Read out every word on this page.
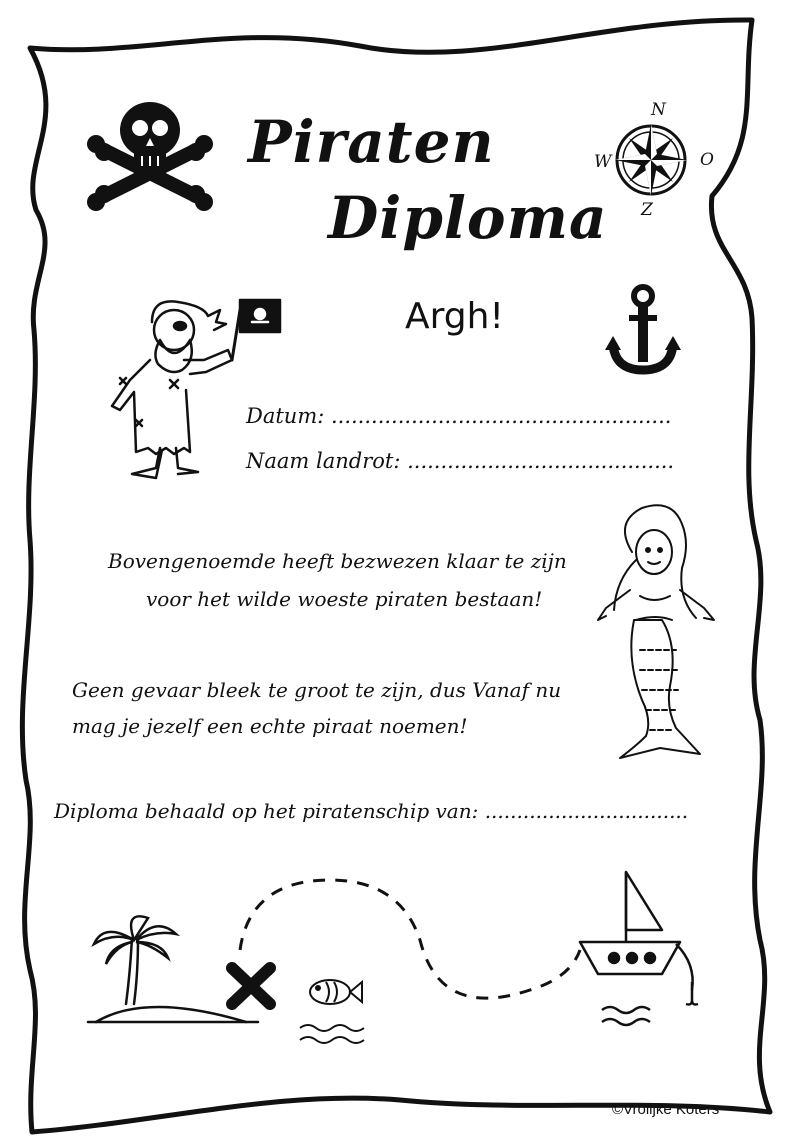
Piraten
Diploma
Argh!
N
W	O
Z
Datum: ...................................................
Naam landrot: ........................................
Bovengenoemde heeft bezwezen klaar te zijn
voor het wilde woeste piraten bestaan!
Geen gevaar bleek te groot te zijn, dus Vanaf nu
mag je jezelf een echte piraat noemen!
Diploma behaald op het piratenschip van: ................................
©Vrolijke Koters
